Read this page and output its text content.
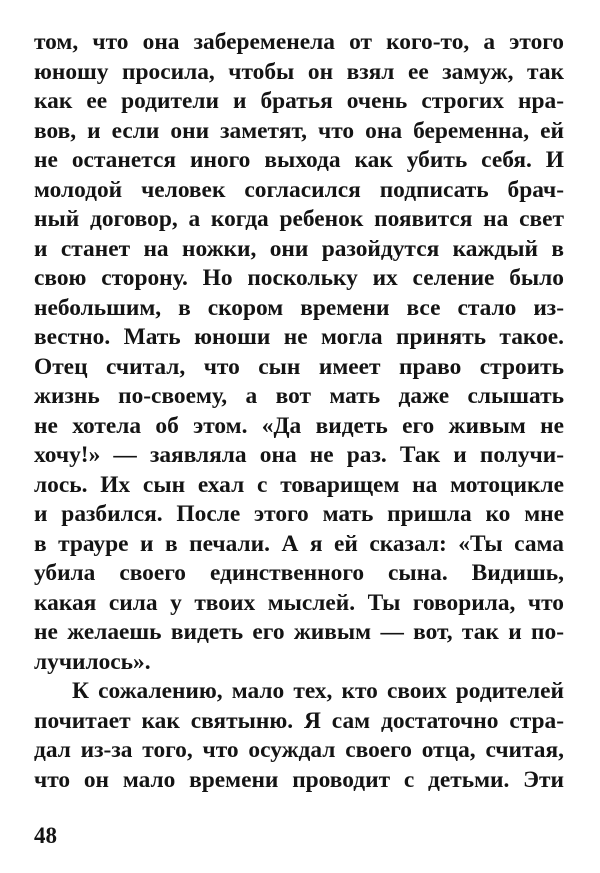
том, что она забеременела от кого-то, а этого
юношу просила, чтобы он взял ее замуж, так
как ее родители и братья очень строгих нра-
вов, и если они заметят, что она беременна, ей
не останется иного выхода как убить себя. И
молодой человек согласился подписать брач-
ный договор, а когда ребенок появится на свет
и станет на ножки, они разойдутся каждый в
свою сторону. Но поскольку их селение было
небольшим, в скором времени все стало из-
вестно. Мать юноши не могла принять такое.
Отец считал, что сын имеет право строить
жизнь по-своему, а вот мать даже слышать
не хотела об этом. «Да видеть его живым не
хочу!» — заявляла она не раз. Так и получи-
лось. Их сын ехал с товарищем на мотоцикле
и разбился. После этого мать пришла ко мне
в трауре и в печали. А я ей сказал: «Ты сама
убила своего единственного сына. Видишь,
какая сила у твоих мыслей. Ты говорила, что
не желаешь видеть его живым — вот, так и по-
лучилось».
К сожалению, мало тех, кто своих родителей
почитает как святыню. Я сам достаточно стра-
дал из-за того, что осуждал своего отца, считая,
что он мало времени проводит с детьми. Эти
48
